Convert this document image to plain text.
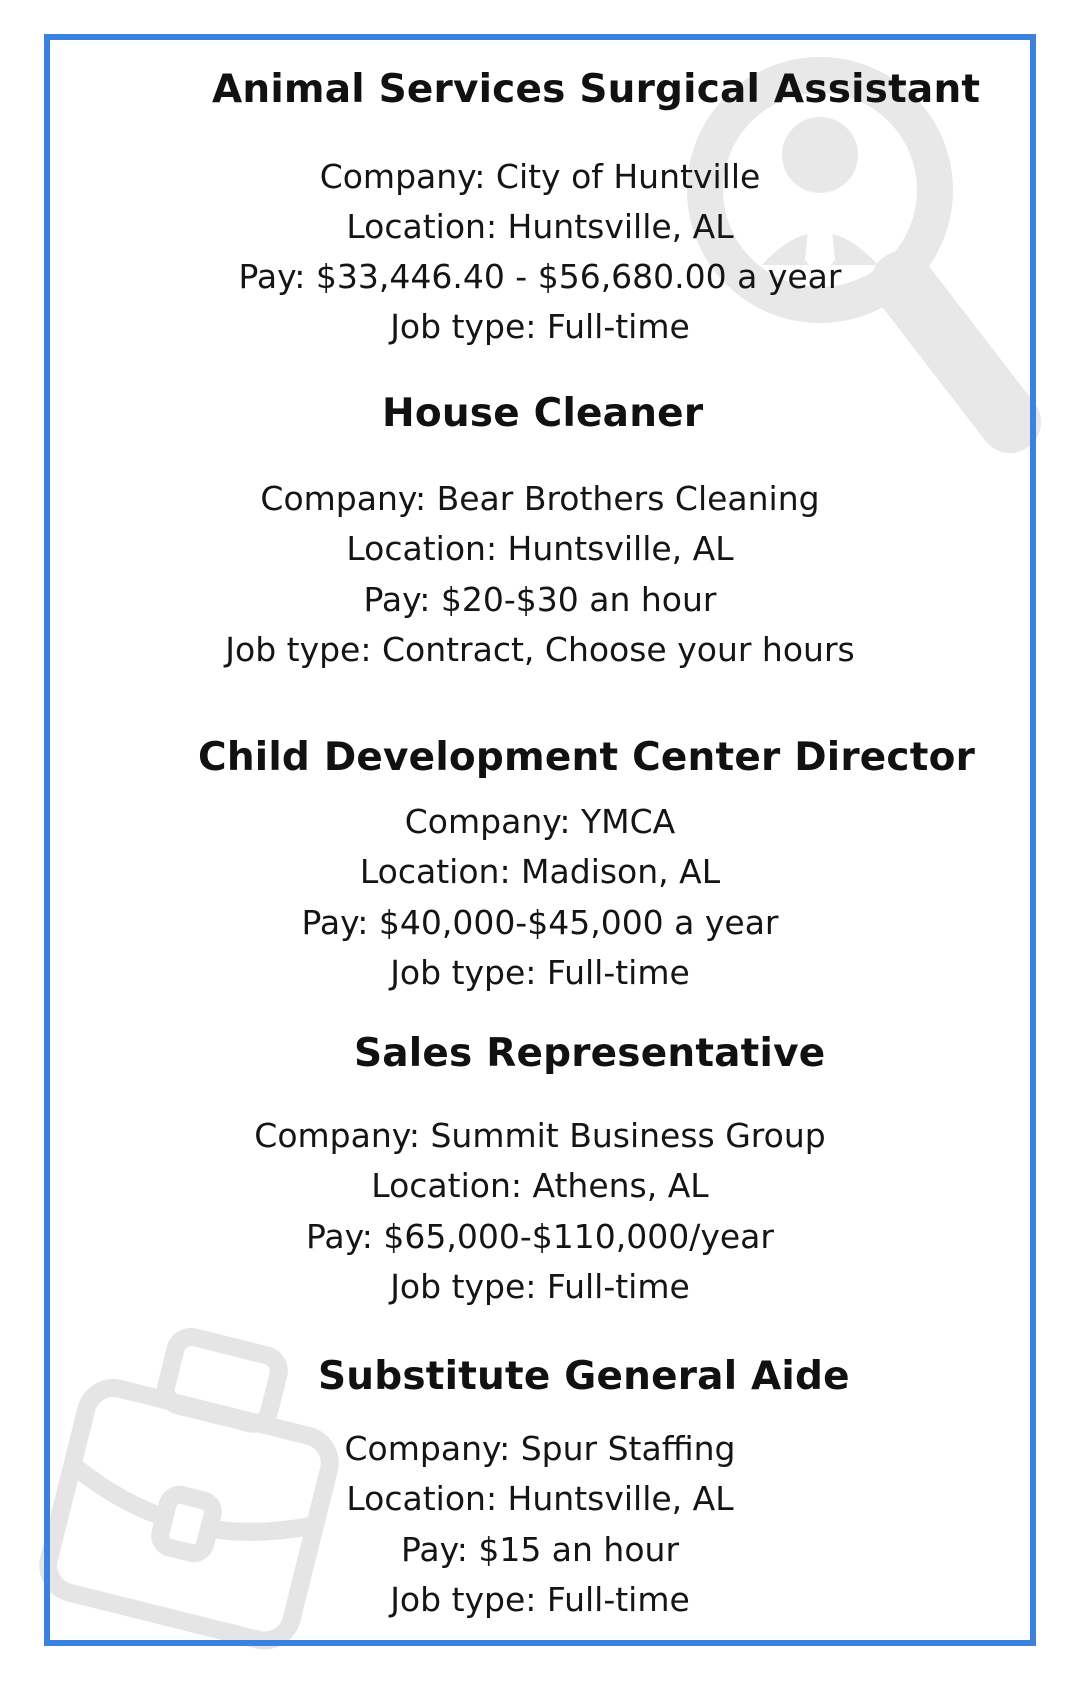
Animal Services Surgical Assistant
Company: City of Huntville
Location: Huntsville, AL
Pay: $33,446.40 - $56,680.00 a year
Job type: Full-time
House Cleaner
Company: Bear Brothers Cleaning
Location: Huntsville, AL
Pay: $20-$30 an hour
Job type: Contract, Choose your hours
Child Development Center Director
Company: YMCA
Location: Madison, AL
Pay: $40,000-$45,000 a year
Job type: Full-time
Sales Representative
Company: Summit Business Group
Location: Athens, AL
Pay: $65,000-$110,000/year
Job type: Full-time
Substitute General Aide
Company: Spur Staffing
Location: Huntsville, AL
Pay: $15 an hour
Job type: Full-time
